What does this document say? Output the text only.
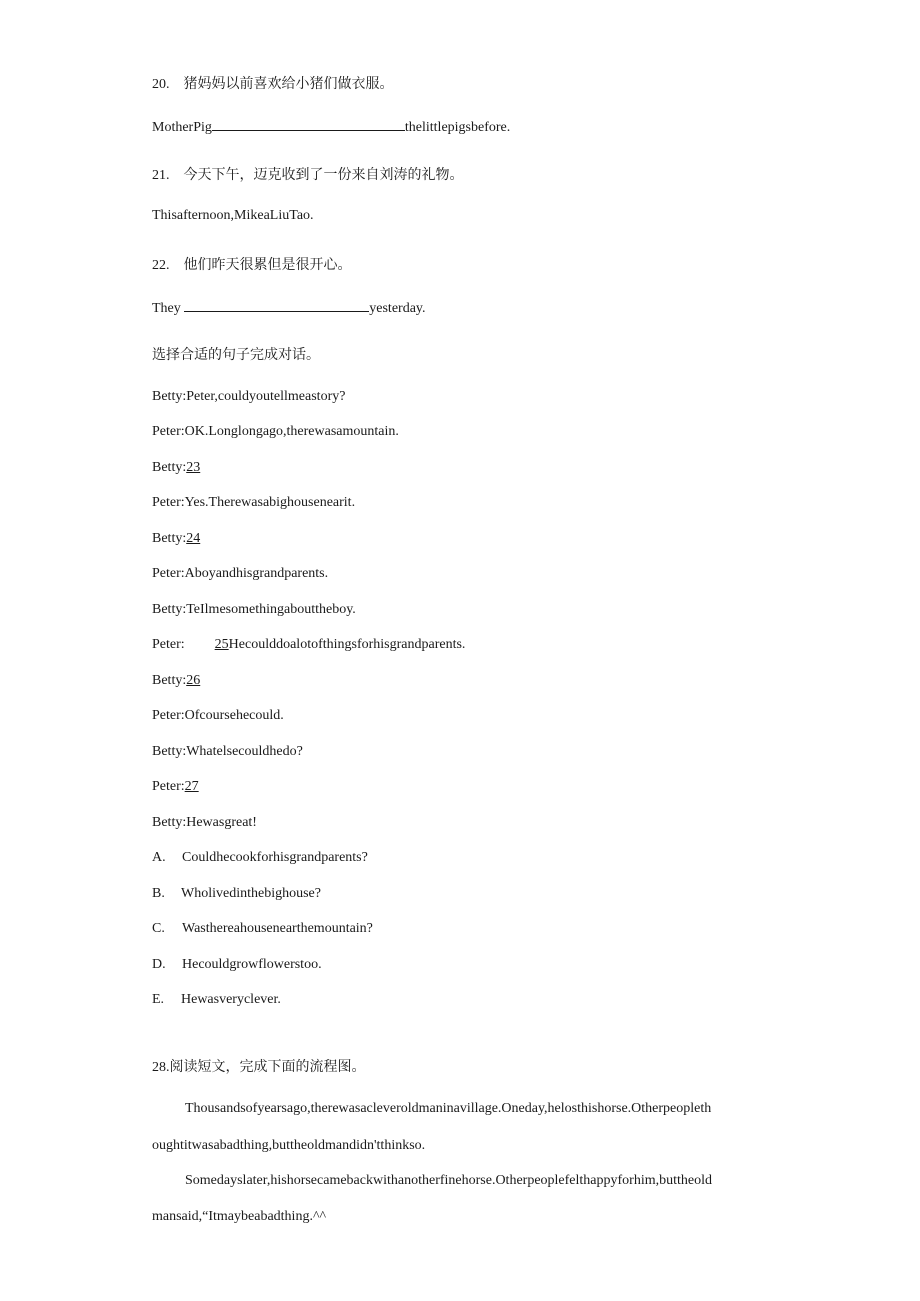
20. 猪妈妈以前喜欢给小猪们做衣服。
MotherPig	thelittlepigsbefore.
21. 今天下午，迈克收到了一份来自刘涛的礼物。
Thisafternoon,MikeaLiuTao.
22. 他们昨天很累但是很开心。
They	yesterday.
选择合适的句子完成对话。
Betty:Peter,couldyoutellmeastory?
Peter:OK.Longlongago,therewasamountain.
Betty:23
Peter:Yes.Therewasabighousenearit.
Betty:24
Peter:Aboyandhisgrandparents.
Betty:TeIlmesomethingabouttheboy.
Peter: 25Hecoulddoalotofthingsforhisgrandparents.
Betty:26
Peter:Ofcoursehecould.
Betty:Whatelsecouldhedo?
Peter:27
Betty:Hewasgreat!
A. Couldhecookforhisgrandparents?
B. Wholivedinthebighouse?
C. Wasthereahousenearthemountain?
D. Hecouldgrowflowerstoo.
E. Hewasveryclever.
28.阅读短文，完成下面的流程图。
Thousandsofyearsago,therewasacleveroldmaninavillage.Oneday,helosthishorse.Otherpeopleth
oughtitwasabadthing,buttheoldmandidn'tthinkso.
Somedayslater,hishorsecamebackwithanotherfinehorse.Otherpeoplefelthappyforhim,buttheold
mansaid,“Itmaybeabadthing.^^
